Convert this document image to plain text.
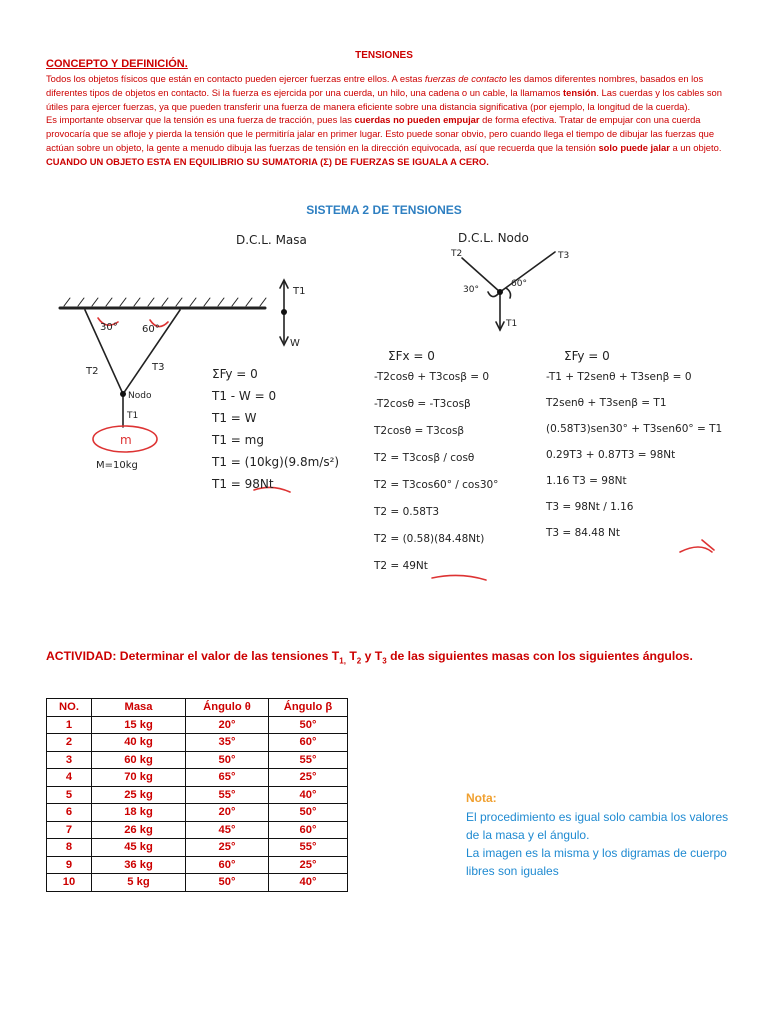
TENSIONES
CONCEPTO Y DEFINICIÓN.

Todos los objetos físicos que están en contacto pueden ejercer fuerzas entre ellos. A estas fuerzas de contacto les damos diferentes nombres, basados en los diferentes tipos de objetos en contacto. Si la fuerza es ejercida por una cuerda, un hilo, una cadena o un cable, la llamamos tensión. Las cuerdas y los cables son útiles para ejercer fuerzas, ya que pueden transferir una fuerza de manera eficiente sobre una distancia significativa (por ejemplo, la longitud de la cuerda).

Es importante observar que la tensión es una fuerza de tracción, pues las cuerdas no pueden empujar de forma efectiva. Tratar de empujar con una cuerda provocaría que se afloje y pierda la tensión que le permitiría jalar en primer lugar. Esto puede sonar obvio, pero cuando llega el tiempo de dibujar las fuerzas que actúan sobre un objeto, la gente a menudo dibuja las fuerzas de tensión en la dirección equivocada, así que recuerda que la tensión solo puede jalar a un objeto.

CUANDO UN OBJETO ESTA EN EQUILIBRIO SU SUMATORIA (Σ) DE FUERZAS SE IGUALA A CERO.

SISTEMA 2 DE TENSIONES
D.C.L. Masa	D.C.L. Nodo
T1
W
T2	T3
T1
30°
60°
30° 60°
T2	T3
Nodo
T1
m
M=10kg
ΣFy = 0
T1 - W = 0
T1 = W
T1 = mg
T1 = (10kg)(9.8m/s²)
T1 = 98Nt
ΣFx = 0
-T2cosθ + T3cosβ = 0
-T2cosθ = -T3cosβ
T2cosθ = T3cosβ
T2 = T3cosβ / cosθ
T2 = T3cos60° / cos30°
T2 = 0.58T3
T2 = (0.58)(84.48Nt)
T2 = 49Nt
ΣFy = 0
-T1 + T2senθ + T3senβ = 0
T2senθ + T3senβ = T1
(0.58T3)sen30° + T3sen60° = T1
0.29T3 + 0.87T3 = 98Nt
1.16 T3 = 98Nt
T3 = 98Nt / 1.16
T3 = 84.48 Nt
ACTIVIDAD: Determinar el valor de las tensiones $T_{1,}$ $T_2$ y $T_3$ de las siguientes masas con los siguientes ángulos.
NO.	Masa	Ángulo θ	Ángulo β
1	15 kg	20°	50°
2	40 kg	35°	60°
3	60 kg	50°	55°
4	70 kg	65°	25°
5	25 kg	55°	40°
6	18 kg	20°	50°
7	26 kg	45°	60°
8	45 kg	25°	55°
9	36 kg	60°	25°
10	5 kg	50°	40°
Nota:

El procedimiento es igual solo cambia los valores de la masa y el ángulo.

La imagen es la misma y los digramas de cuerpo libres son iguales
